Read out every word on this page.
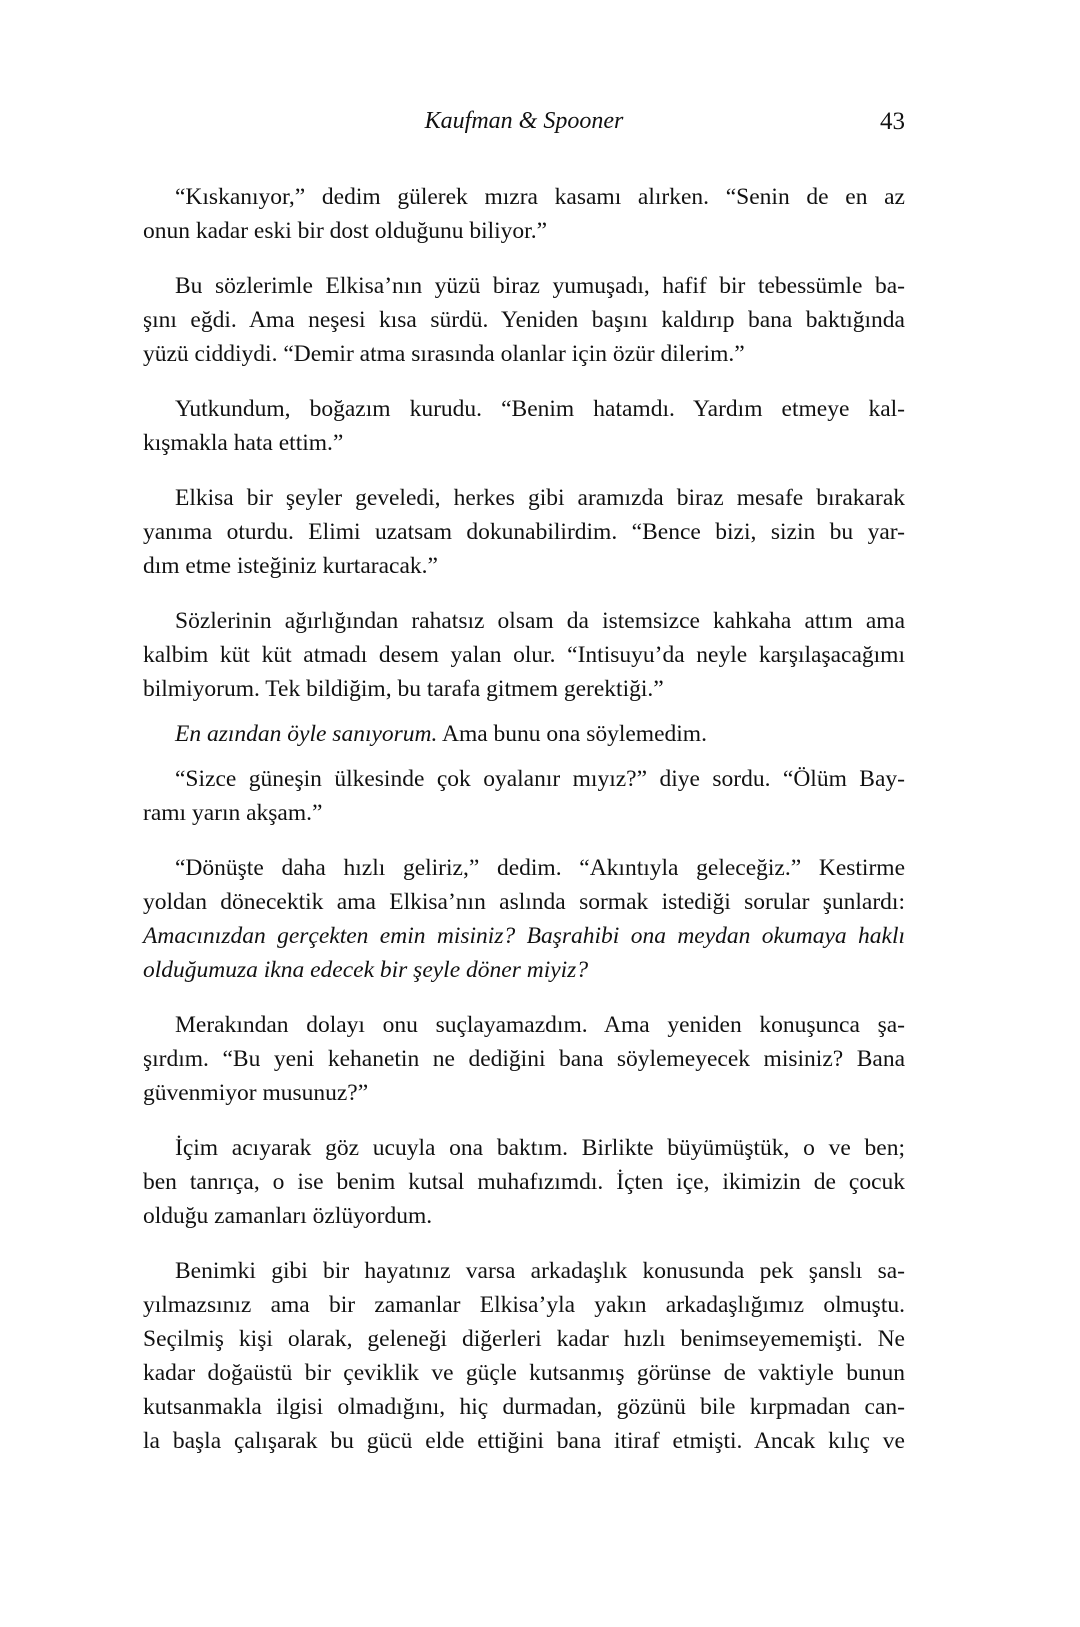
Kaufman & Spooner	43
“Kıskanıyor,” dedim gülerek mızra kasamı alırken. “Senin de en az
onun kadar eski bir dost olduğunu biliyor.”
Bu sözlerimle Elkisa’nın yüzü biraz yumuşadı, hafif bir tebessümle ba-
şını eğdi. Ama neşesi kısa sürdü. Yeniden başını kaldırıp bana baktığında
yüzü ciddiydi. “Demir atma sırasında olanlar için özür dilerim.”
Yutkundum, boğazım kurudu. “Benim hatamdı. Yardım etmeye kal-
kışmakla hata ettim.”
Elkisa bir şeyler geveledi, herkes gibi aramızda biraz mesafe bırakarak
yanıma oturdu. Elimi uzatsam dokunabilirdim. “Bence bizi, sizin bu yar-
dım etme isteğiniz kurtaracak.”
Sözlerinin ağırlığından rahatsız olsam da istemsizce kahkaha attım ama
kalbim küt küt atmadı desem yalan olur. “Intisuyu’da neyle karşılaşacağımı
bilmiyorum. Tek bildiğim, bu tarafa gitmem gerektiği.”
En azından öyle sanıyorum. Ama bunu ona söylemedim.
“Sizce güneşin ülkesinde çok oyalanır mıyız?” diye sordu. “Ölüm Bay-
ramı yarın akşam.”
“Dönüşte daha hızlı geliriz,” dedim. “Akıntıyla geleceğiz.” Kestirme
yoldan dönecektik ama Elkisa’nın aslında sormak istediği sorular şunlardı:
Amacınızdan gerçekten emin misiniz? Başrahibi ona meydan okumaya haklı
olduğumuza ikna edecek bir şeyle döner miyiz?
Merakından dolayı onu suçlayamazdım. Ama yeniden konuşunca şa-
şırdım. “Bu yeni kehanetin ne dediğini bana söylemeyecek misiniz? Bana
güvenmiyor musunuz?”
İçim acıyarak göz ucuyla ona baktım. Birlikte büyümüştük, o ve ben;
ben tanrıça, o ise benim kutsal muhafızımdı. İçten içe, ikimizin de çocuk
olduğu zamanları özlüyordum.
Benimki gibi bir hayatınız varsa arkadaşlık konusunda pek şanslı sa-
yılmazsınız ama bir zamanlar Elkisa’yla yakın arkadaşlığımız olmuştu.
Seçilmiş kişi olarak, geleneği diğerleri kadar hızlı benimseyememişti. Ne
kadar doğaüstü bir çeviklik ve güçle kutsanmış görünse de vaktiyle bunun
kutsanmakla ilgisi olmadığını, hiç durmadan, gözünü bile kırpmadan can-
la başla çalışarak bu gücü elde ettiğini bana itiraf etmişti. Ancak kılıç ve
